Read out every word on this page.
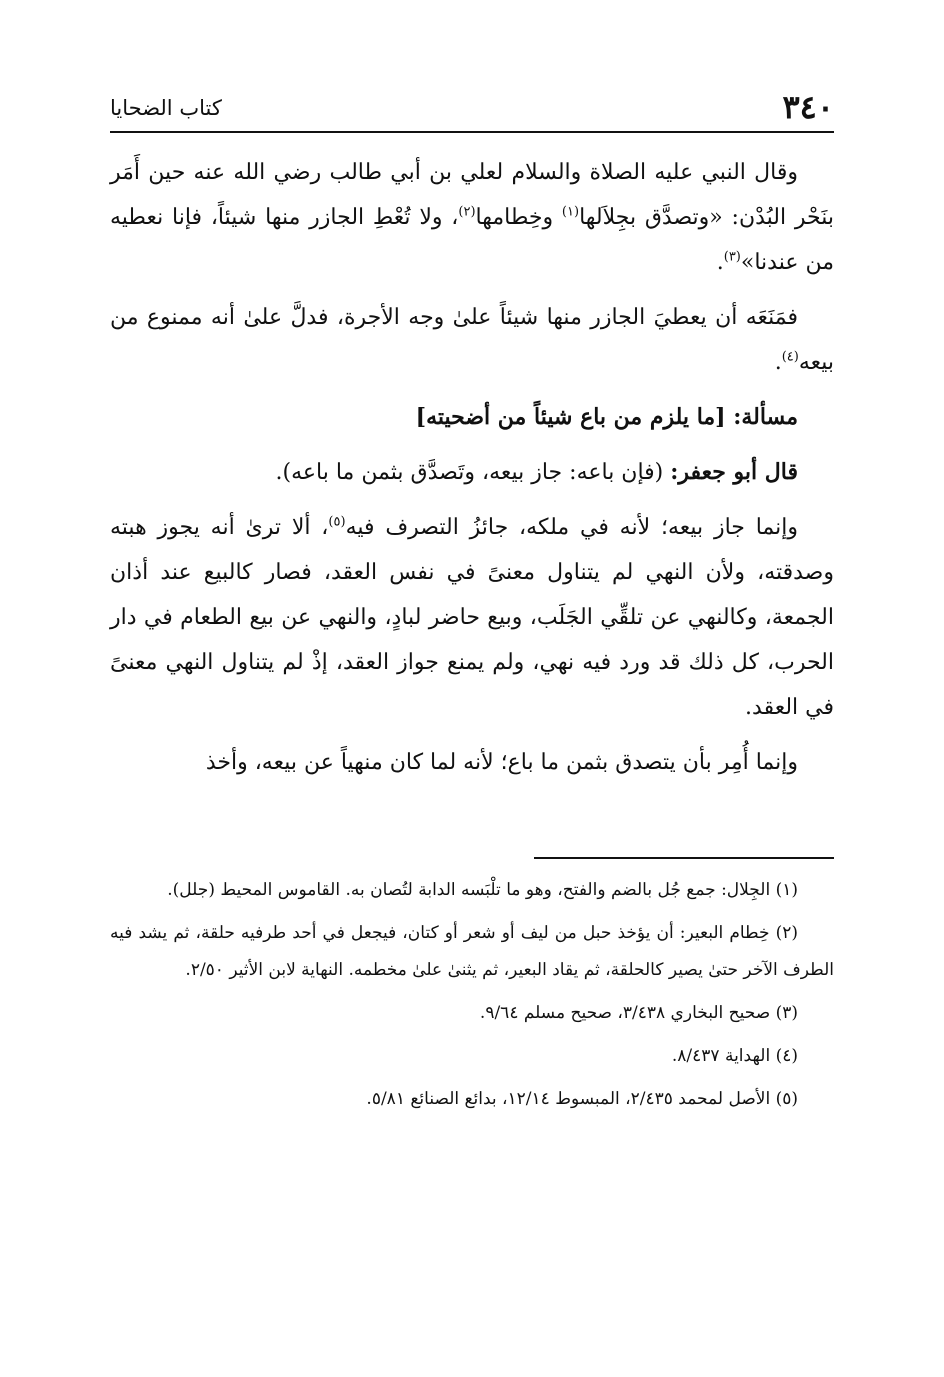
٣٤٠
كتاب الضحايا

وقال النبي عليه الصلاة والسلام لعلي بن أبي طالب رضي الله عنه حين أَمَر بنَحْر البُدْن: «وتصدَّق بجِلاَلها$^{(١)}$ وخِطامها$^{(٢)}$، ولا تُعْطِ الجازر منها شيئاً، فإنا نعطيه من عندنا»$^{(٣)}$.

فمَنَعَه أن يعطيَ الجازر منها شيئاً علىٰ وجه الأجرة، فدلَّ علىٰ أنه ممنوع من بيعه$^{(٤)}$.

مسألة: [ما يلزم من باع شيئاً من أضحيته]

قال أبو جعفر: (فإن باعه: جاز بيعه، وتَصدَّق بثمن ما باعه).

وإنما جاز بيعه؛ لأنه في ملكه، جائزُ التصرف فيه$^{(٥)}$، ألا ترىٰ أنه يجوز هبته وصدقته، ولأن النهي لم يتناول معنىً في نفس العقد، فصار كالبيع عند أذان الجمعة، وكالنهي عن تلقِّي الجَلَب، وبيع حاضر لبادٍ، والنهي عن بيع الطعام في دار الحرب، كل ذلك قد ورد فيه نهي، ولم يمنع جواز العقد، إذْ لم يتناول النهي معنىً في العقد.

وإنما أُمِر بأن يتصدق بثمن ما باع؛ لأنه لما كان منهياً عن بيعه، وأخذ

(١) الجِلال: جمع جُل بالضم والفتح، وهو ما تلْبَسه الدابة لتُصان به. القاموس المحيط (جلل).

(٢) خِطام البعير: أن يؤخذ حبل من ليف أو شعر أو كتان، فيجعل في أحد طرفيه حلقة، ثم يشد فيه الطرف الآخر حتىٰ يصير كالحلقة، ثم يقاد البعير، ثم يثنىٰ علىٰ مخطمه. النهاية لابن الأثير ٢/٥٠.

(٣) صحيح البخاري ٣/٤٣٨، صحيح مسلم ٩/٦٤.

(٤) الهداية ٨/٤٣٧.

(٥) الأصل لمحمد ٢/٤٣٥، المبسوط ١٢/١٤، بدائع الصنائع ٥/٨١.
